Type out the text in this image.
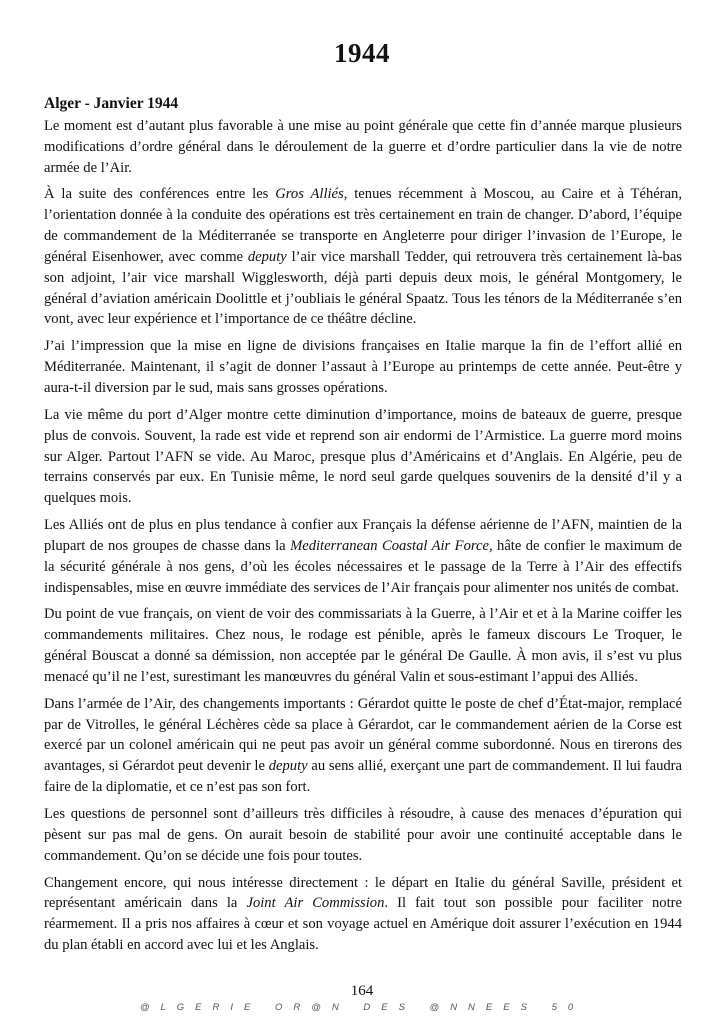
1944
Alger - Janvier 1944

Le moment est d’autant plus favorable à une mise au point générale que cette fin d’année marque plusieurs modifications d’ordre général dans le déroulement de la guerre et d’ordre particulier dans la vie de notre armée de l’Air.

À la suite des conférences entre les Gros Alliés, tenues récemment à Moscou, au Caire et à Téhéran, l’orientation donnée à la conduite des opérations est très certainement en train de changer. D’abord, l’équipe de commandement de la Méditerranée se transporte en Angleterre pour diriger l’invasion de l’Europe, le général Eisenhower, avec comme deputy l’air vice marshall Tedder, qui retrouvera très certainement là-bas son adjoint, l’air vice marshall Wigglesworth, déjà parti depuis deux mois, le général Montgomery, le général d’aviation américain Doolittle et j’oubliais le général Spaatz. Tous les ténors de la Méditerranée s’en vont, avec leur expérience et l’importance de ce théâtre décline.

J’ai l’impression que la mise en ligne de divisions françaises en Italie marque la fin de l’effort allié en Méditerranée. Maintenant, il s’agit de donner l’assaut à l’Europe au printemps de cette année. Peut-être y aura-t-il diversion par le sud, mais sans grosses opérations.

La vie même du port d’Alger montre cette diminution d’importance, moins de bateaux de guerre, presque plus de convois. Souvent, la rade est vide et reprend son air endormi de l’Armistice. La guerre mord moins sur Alger. Partout l’AFN se vide. Au Maroc, presque plus d’Américains et d’Anglais. En Algérie, peu de terrains conservés par eux. En Tunisie même, le nord seul garde quelques souvenirs de la densité d’il y a quelques mois.

Les Alliés ont de plus en plus tendance à confier aux Français la défense aérienne de l’AFN, maintien de la plupart de nos groupes de chasse dans la Mediterranean Coastal Air Force, hâte de confier le maximum de la sécurité générale à nos gens, d’où les écoles nécessaires et le passage de la Terre à l’Air des effectifs indispensables, mise en œuvre immédiate des services de l’Air français pour alimenter nos unités de combat.

Du point de vue français, on vient de voir des commissariats à la Guerre, à l’Air et et à la Marine coiffer les commandements militaires. Chez nous, le rodage est pénible, après le fameux discours Le Troquer, le général Bouscat a donné sa démission, non acceptée par le général De Gaulle. À mon avis, il s’est vu plus menacé qu’il ne l’est, surestimant les manœuvres du général Valin et sous-estimant l’appui des Alliés.

Dans l’armée de l’Air, des changements importants : Gérardot quitte le poste de chef d’État-major, remplacé par de Vitrolles, le général Léchères cède sa place à Gérardot, car le commandement aérien de la Corse est exercé par un colonel américain qui ne peut pas avoir un général comme subordonné. Nous en tirerons des avantages, si Gérardot peut devenir le deputy au sens allié, exerçant une part de commandement. Il lui faudra faire de la diplomatie, et ce n’est pas son fort.

Les questions de personnel sont d’ailleurs très difficiles à résoudre, à cause des menaces d’épuration qui pèsent sur pas mal de gens. On aurait besoin de stabilité pour avoir une continuité acceptable dans le commandement. Qu’on se décide une fois pour toutes.

Changement encore, qui nous intéresse directement : le départ en Italie du général Saville, président et représentant américain dans la Joint Air Commission. Il fait tout son possible pour faciliter notre réarmement. Il a pris nos affaires à cœur et son voyage actuel en Amérique doit assurer l’exécution en 1944 du plan établi en accord avec lui et les Anglais.

164
@LGERIE OR@N DES @NNEES 50
